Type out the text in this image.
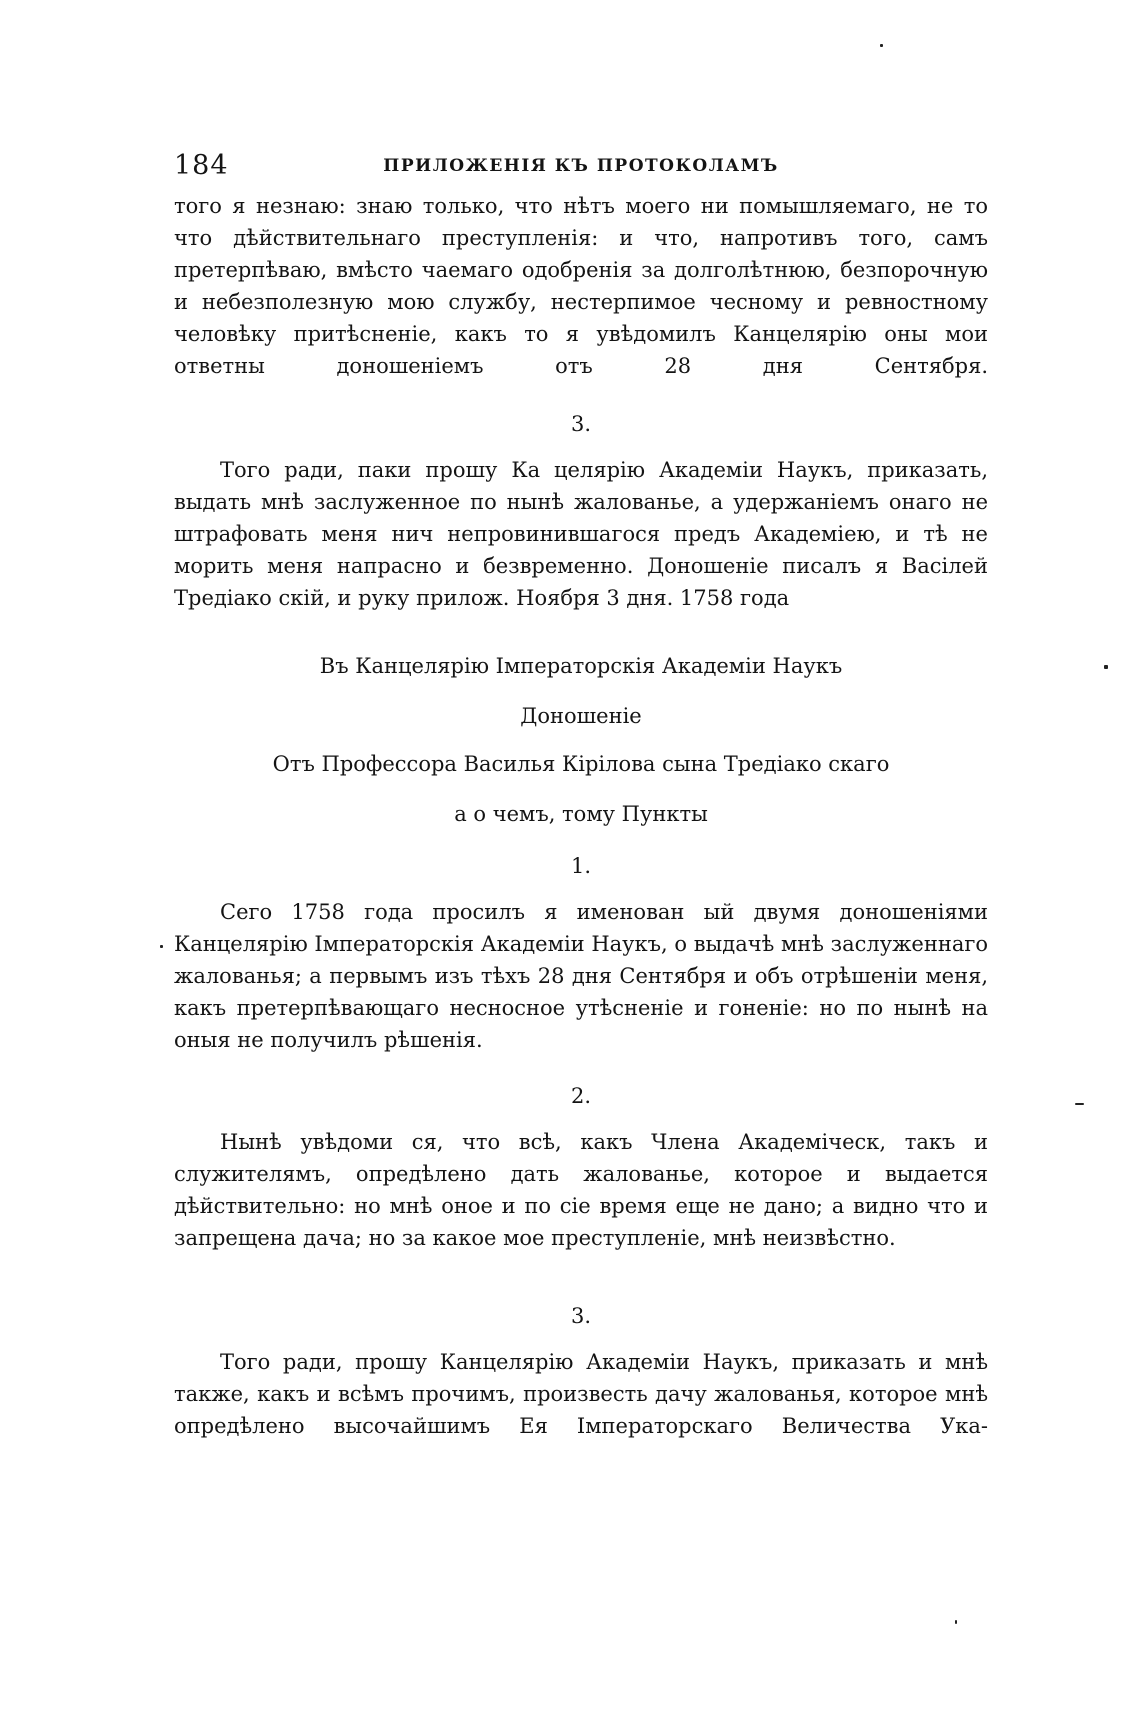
184	ПРИЛОЖЕНІЯ КЪ ПРОТОКОЛАМЪ

того я незнаю: знаю только, что нѣтъ моего ни помышляемаго, не то что дѣйствительнаго преступленія: и что, напротивъ того, самъ претерпѣваю, вмѣсто чаемаго одобренія за долголѣтнюю, безпорочную и небезполезную мою службу, нестерпимое чесному и ревностному человѣку притѣсненіе, какъ то я увѣдомилъ Канцелярію оны мои ответны доношеніемъ отъ 28 дня Сентября.

3.

Того ради, паки прошу Ка целярію Академіи Наукъ, приказать, выдать мнѣ заслуженное по нынѣ жалованье, а удержаніемъ онаго не штрафовать меня нич непровинившагося предъ Академіею, и тѣ не морить меня напрасно и безвременно. Доношеніе писалъ я Васілей Тредіако скій, и руку прилож. Ноября 3 дня. 1758 года

Въ Канцелярію Імператорскія Академіи Наукъ
Доношеніе
Отъ Профессора Василья Кірілова сына Тредіако скаго
а о чемъ, тому Пункты
1.

Сего 1758 года просилъ я именован ый двумя доношеніями Канцелярію Імператорскія Академіи Наукъ, о выдачѣ мнѣ заслуженнаго жалованья; а первымъ изъ тѣхъ 28 дня Сентября и объ отрѣшеніи меня, какъ претерпѣвающаго несносное утѣсненіе и гоненіе: но по нынѣ на оныя не получилъ рѣшенія.

2.

Нынѣ увѣдоми ся, что всѣ, какъ Члена Академіческ, такъ и служителямъ, опредѣлено дать жалованье, которое и выдается дѣйствительно: но мнѣ оное и по сіе время еще не дано; а видно что и запрещена дача; но за какое мое преступленіе, мнѣ неизвѣстно.

3.

Того ради, прошу Канцелярію Академіи Наукъ, приказать и мнѣ также, какъ и всѣмъ прочимъ, произвесть дачу жалованья, которое мнѣ опредѣлено высочайшимъ Ея Імператорскаго Величества Ука-
